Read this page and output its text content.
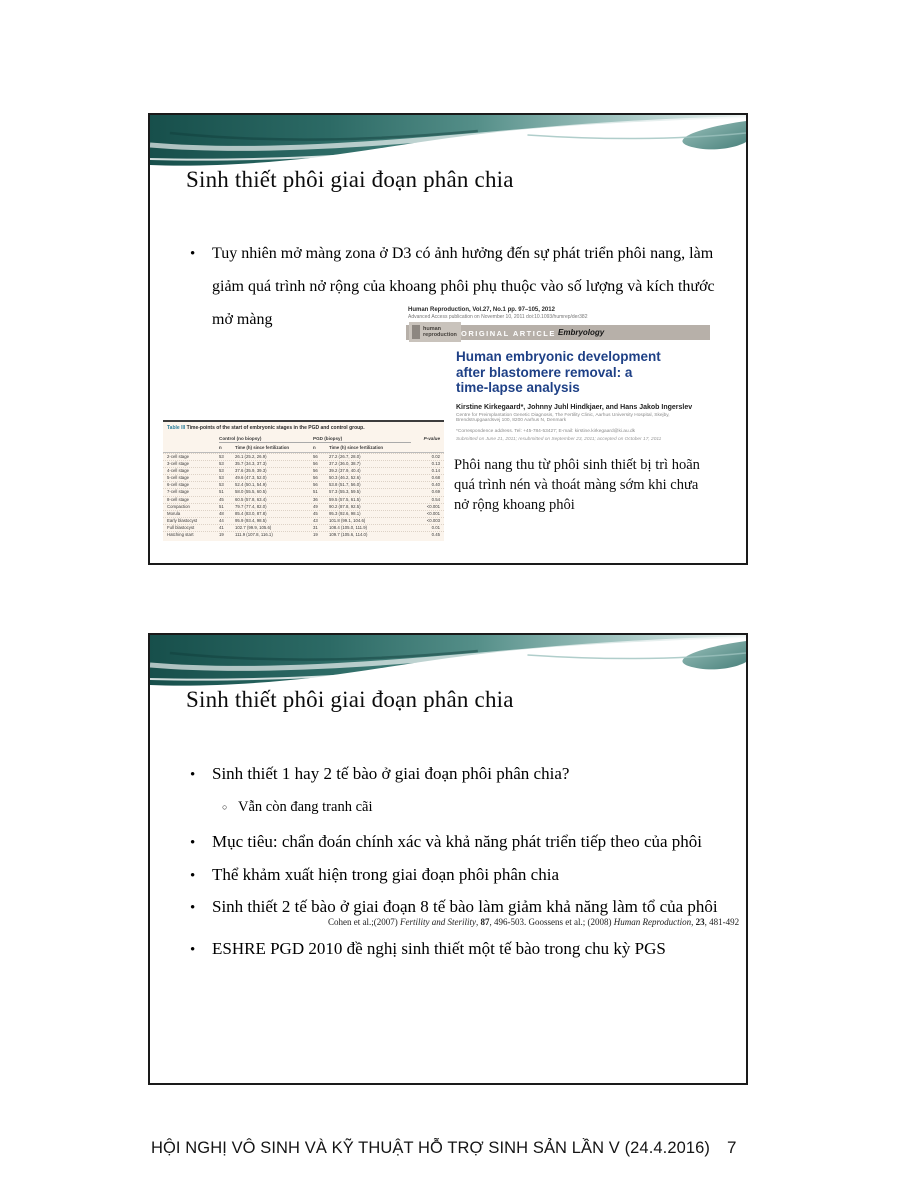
Sinh thiết phôi giai đoạn phân chia
•	Tuy nhiên mở màng zona ở D3 có ảnh hưởng đến sự phát triển phôi nang, làm giảm quá trình nở rộng của khoang phôi phụ thuộc vào số lượng và kích thước mở màng
Human Reproduction, Vol.27, No.1 pp. 97–105, 2012
Advanced Access publication on November 10, 2011 doi:10.1093/humrep/der382
human
reproduction ORIGINAL ARTICLE Embryology
Human embryonic development
after blastomere removal: a
time-lapse analysis
Kirstine Kirkegaard*, Johnny Juhl Hindkjaer, and Hans Jakob Ingerslev
Centre for Preimplantation Genetic Diagnosis, The Fertility Clinic, Aarhus University Hospital, Skejby, Brendstrupgaardsvej 100, 8200 Aarhus N, Denmark
*Correspondence address. Tel: +45-784-53427; E-mail: kirstine.kirkegaard@ki.au.dk
Submitted on June 21, 2011; resubmitted on September 23, 2011; accepted on October 17, 2011
Phôi nang thu từ phôi sinh thiết bị trì hoãn quá trình nén và thoát màng sớm khi chưa nở rộng khoang phôi
Table III Time-points of the start of embryonic stages in the PGD and control group.
Control (no biopsy)	PGD (biopsy)	P-value
n	Time (h) since fertilization	n	Time (h) since fertilization
2-cell stage	53	26.1 (25.2, 26.9)	56	27.2 (26.7, 28.0)	0.02
3-cell stage	53	35.7 (34.3, 37.3)	56	37.2 (36.0, 38.7)	0.13
4-cell stage	53	37.6 (35.9, 39.3)	56	39.2 (37.9, 40.4)	0.14
5-cell stage	53	49.6 (47.3, 52.0)	56	50.3 (46.2, 52.6)	0.68
6-cell stage	53	52.4 (50.1, 54.9)	56	53.8 (51.7, 56.0)	0.40
7-cell stage	51	58.0 (55.5, 60.5)	51	57.3 (55.3, 59.5)	0.69
8-cell stage	45	60.5 (57.8, 63.4)	36	59.5 (57.5, 61.5)	0.54
Compaction	51	79.7 (77.4, 82.0)	49	90.2 (87.8, 92.5)	<0.001
Morula	48	85.4 (83.0, 87.8)	45	95.3 (92.6, 98.1)	<0.001
Early blastocyst	44	95.9 (93.4, 98.5)	43	101.8 (99.1, 104.6)	<0.003
Full blastocyst	41	102.7 (99.9, 105.6)	31	108.4 (105.0, 111.9)	0.01
Hatching start	19	111.9 (107.8, 116.1)	19	109.7 (105.6, 114.0)	0.45
Sinh thiết phôi giai đoạn phân chia
• Sinh thiết 1 hay 2 tế bào ở giai đoạn phôi phân chia?
○ Vẫn còn đang tranh cãi
• Mục tiêu: chẩn đoán chính xác và khả năng phát triển tiếp theo của phôi
• Thể khảm xuất hiện trong giai đoạn phôi phân chia
• Sinh thiết 2 tế bào ở giai đoạn 8 tế bào làm giảm khả năng làm tổ của phôi
Cohen et al.;(2007) Fertility and Sterility, 87, 496-503. Goossens et al.; (2008) Human Reproduction, 23, 481-492
• ESHRE PGD 2010 đề nghị sinh thiết một tế bào trong chu kỳ PGS
HỘI NGHỊ VÔ SINH VÀ KỸ THUẬT HỖ TRỢ SINH SẢN LẦN V (24.4.2016)	7
